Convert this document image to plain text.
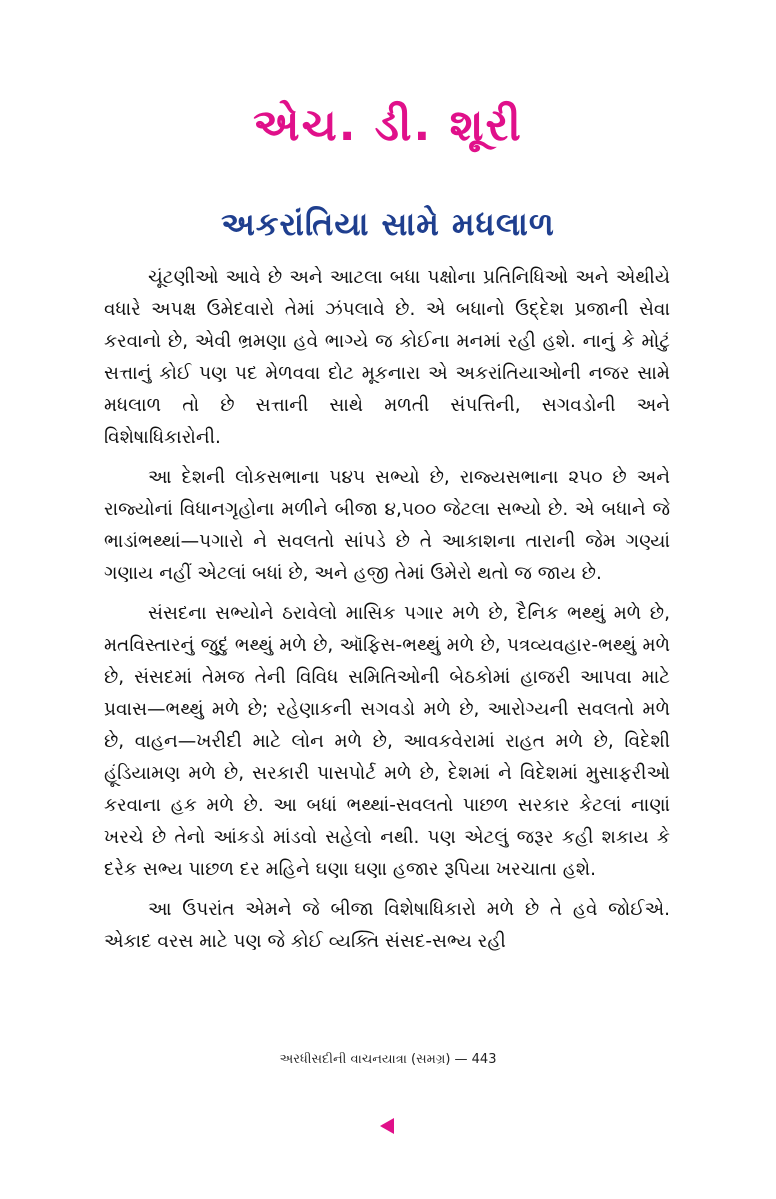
એચ. ડી. શૂરી
અકરાંતિયા સામે મધલાળ

ચૂંટણીઓ આવે છે અને આટલા બધા પક્ષોના પ્રતિનિધિઓ અને એથીયે વધારે અપક્ષ ઉમેદવારો તેમાં ઝંપલાવે છે. એ બધાનો ઉદ્દેશ પ્રજાની સેવા કરવાનો છે, એવી ભ્રમણા હવે ભાગ્યે જ કોઈના મનમાં રહી હશે. નાનું કે મોટું સત્તાનું કોઈ પણ પદ મેળવવા દોટ મૂકનારા એ અકરાંતિયાઓની નજર સામે મધલાળ તો છે સત્તાની સાથે મળતી સંપત્તિની, સગવડોની અને વિશેષાધિકારોની.

આ દેશની લોકસભાના ૫૪૫ સભ્યો છે, રાજ્યસભાના ૨૫૦ છે અને રાજ્યોનાં વિધાનગૃહોના મળીને બીજા ૪,૫૦૦ જેટલા સભ્યો છે. એ બધાને જે ભાડાંભથ્થાં—પગારો ને સવલતો સાંપડે છે તે આકાશના તારાની જેમ ગણ્યાં ગણાય નહીં એટલાં બધાં છે, અને હજી તેમાં ઉમેરો થતો જ જાય છે.

સંસદના સભ્યોને ઠરાવેલો માસિક પગાર મળે છે, દૈનિક ભથ્થું મળે છે, મતવિસ્તારનું જુદું ભથ્થું મળે છે, ઑફિસ-ભથ્થું મળે છે, પત્રવ્યવહાર-ભથ્થું મળે છે, સંસદમાં તેમજ તેની વિવિધ સમિતિઓની બેઠકોમાં હાજરી આપવા માટે પ્રવાસ—ભથ્થું મળે છે; રહેણાકની સગવડો મળે છે, આરોગ્યની સવલતો મળે છે, વાહન—ખરીદી માટે લોન મળે છે, આવકવેરામાં રાહત મળે છે, વિદેશી હૂંડિયામણ મળે છે, સરકારી પાસપોર્ટ મળે છે, દેશમાં ને વિદેશમાં મુસાફરીઓ કરવાના હક મળે છે. આ બધાં ભથ્થાં-સવલતો પાછળ સરકાર કેટલાં નાણાં ખરચે છે તેનો આંકડો માંડવો સહેલો નથી. પણ એટલું જરૂર કહી શકાય કે દરેક સભ્ય પાછળ દર મહિને ઘણા ઘણા હજાર રૂપિયા ખરચાતા હશે.

આ ઉપરાંત એમને જે બીજા વિશેષાધિકારો મળે છે તે હવે જોઈએ. એકાદ વરસ માટે પણ જે કોઈ વ્યક્તિ સંસદ-સભ્ય રહી

અરધીસદીની વાચનયાત્રા (સમગ્ર) — 443
